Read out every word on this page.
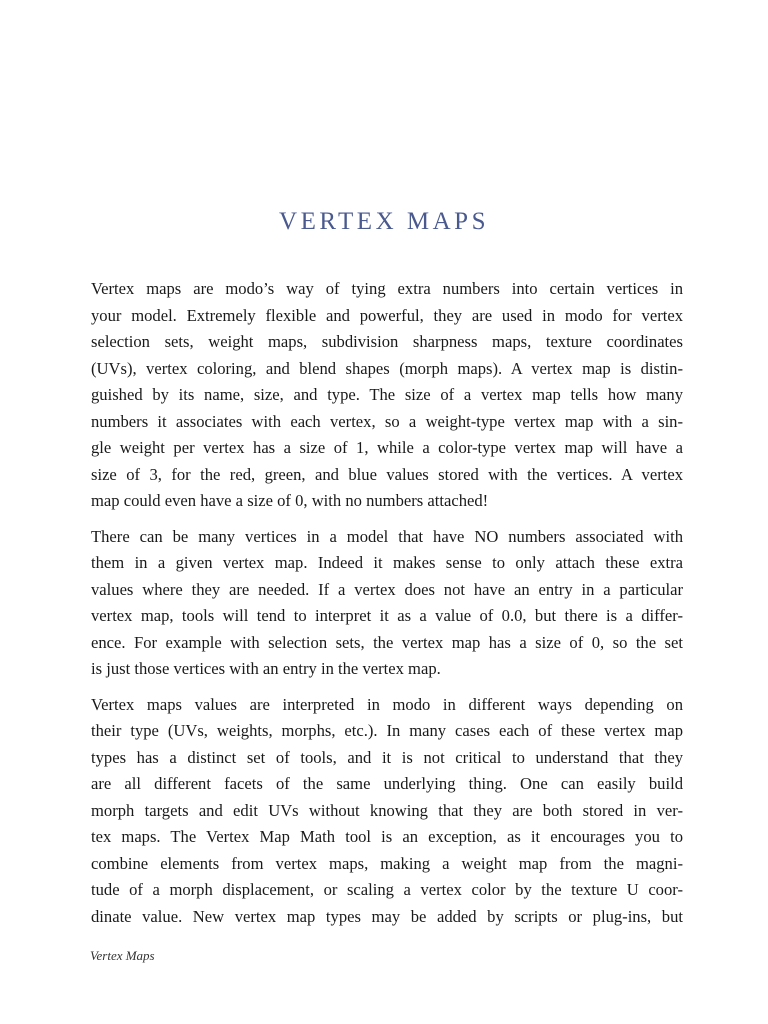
VERTEX MAPS

Vertex maps are modo’s way of tying extra numbers into certain vertices in
your model. Extremely flexible and powerful, they are used in modo for vertex
selection sets, weight maps, subdivision sharpness maps, texture coordinates
(UVs), vertex coloring, and blend shapes (morph maps). A vertex map is distin-
guished by its name, size, and type. The size of a vertex map tells how many
numbers it associates with each vertex, so a weight-type vertex map with a sin-
gle weight per vertex has a size of 1, while a color-type vertex map will have a
size of 3, for the red, green, and blue values stored with the vertices. A vertex
map could even have a size of 0, with no numbers attached!

There can be many vertices in a model that have NO numbers associated with
them in a given vertex map. Indeed it makes sense to only attach these extra
values where they are needed. If a vertex does not have an entry in a particular
vertex map, tools will tend to interpret it as a value of 0.0, but there is a differ-
ence. For example with selection sets, the vertex map has a size of 0, so the set
is just those vertices with an entry in the vertex map.

Vertex maps values are interpreted in modo in different ways depending on
their type (UVs, weights, morphs, etc.). In many cases each of these vertex map
types has a distinct set of tools, and it is not critical to understand that they
are all different facets of the same underlying thing. One can easily build
morph targets and edit UVs without knowing that they are both stored in ver-
tex maps. The Vertex Map Math tool is an exception, as it encourages you to
combine elements from vertex maps, making a weight map from the magni-
tude of a morph displacement, or scaling a vertex color by the texture U coor-
dinate value. New vertex map types may be added by scripts or plug-ins, but

Vertex Maps
